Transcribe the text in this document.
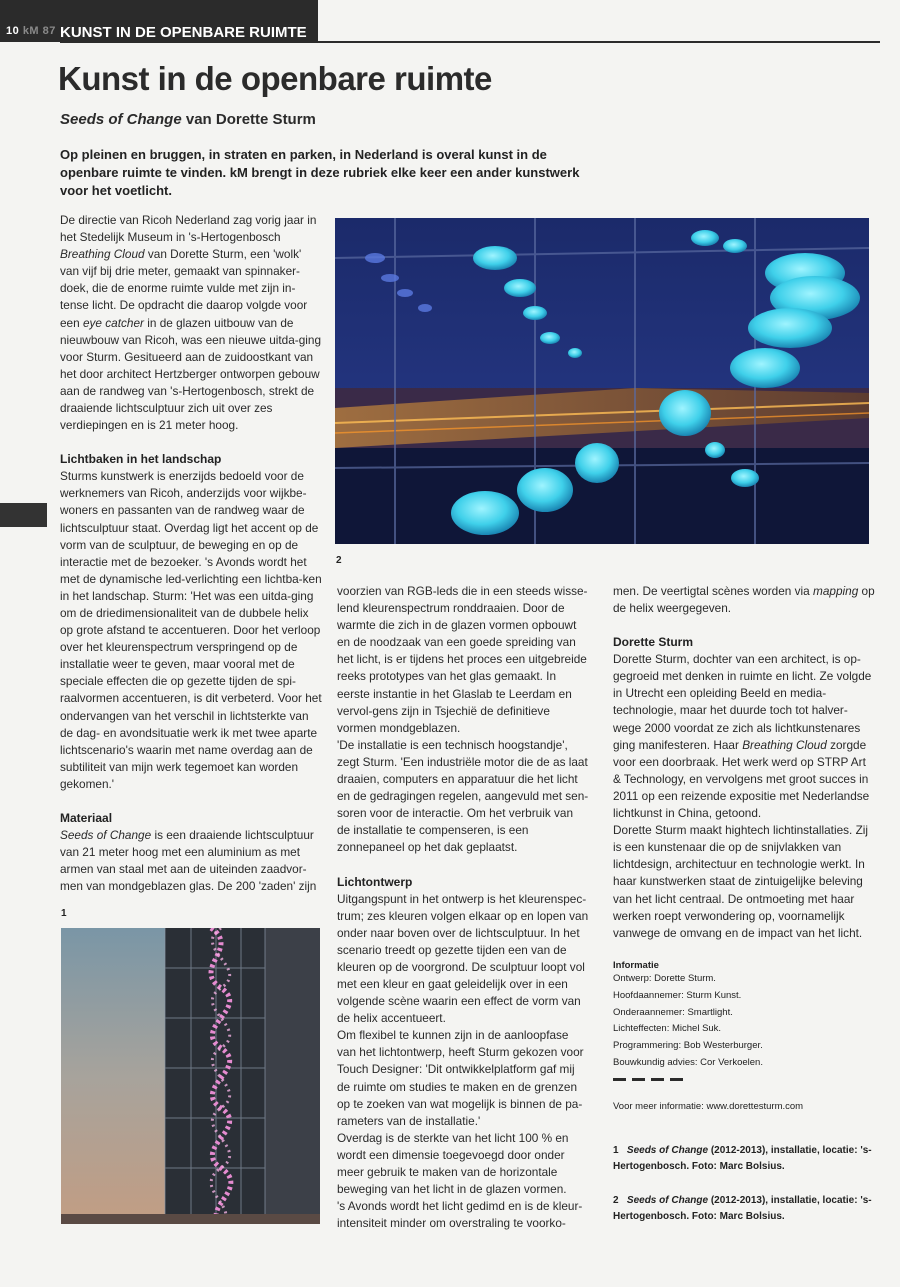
10 kM 87 KUNST IN DE OPENBARE RUIMTE
Kunst in de openbare ruimte
Seeds of Change van Dorette Sturm
Op pleinen en bruggen, in straten en parken, in Nederland is overal kunst in de openbare ruimte te vinden. kM brengt in deze rubriek elke keer een ander kunstwerk voor het voetlicht.

De directie van Ricoh Nederland zag vorig jaar in het Stedelijk Museum in 's-Hertogenbosch Breathing Cloud van Dorette Sturm, een 'wolk' van vijf bij drie meter, gemaakt van spinnaker-doek, die de enorme ruimte vulde met zijn in-tense licht. De opdracht die daarop volgde voor een eye catcher in de glazen uitbouw van de nieuwbouw van Ricoh, was een nieuwe uitda-ging voor Sturm. Gesitueerd aan de zuidoostkant van het door architect Hertzberger ontworpen gebouw aan de randweg van 's-Hertogenbosch, strekt de draaiende lichtsculptuur zich uit over zes verdiepingen en is 21 meter hoog.

Lichtbaken in het landschap

Sturms kunstwerk is enerzijds bedoeld voor de werknemers van Ricoh, anderzijds voor wijkbe-woners en passanten van de randweg waar de lichtsculptuur staat. Overdag ligt het accent op de vorm van de sculptuur, de beweging en op de interactie met de bezoeker. 's Avonds wordt het met de dynamische led-verlichting een lichtba-ken in het landschap. Sturm: 'Het was een uitda-ging om de driedimensionaliteit van de dubbele helix op grote afstand te accentueren. Door het verloop over het kleurenspectrum verspringend op de installatie weer te geven, maar vooral met de speciale effecten die op gezette tijden de spi-raalvormen accentueren, is dit verbeterd. Voor het ondervangen van het verschil in lichtsterkte van de dag- en avondsituatie werk ik met twee aparte lichtscenario's waarin met name overdag aan de subtiliteit van mijn werk tegemoet kan worden gekomen.'

Materiaal

Seeds of Change is een draaiende lichtsculptuur van 21 meter hoog met een aluminium as met armen van staal met aan de uiteinden zaadvor-men van mondgeblazen glas. De 200 'zaden' zijn

2
1

voorzien van RGB-leds die in een steeds wisse-lend kleurenspectrum ronddraaien. Door de warmte die zich in de glazen vormen opbouwt en de noodzaak van een goede spreiding van het licht, is er tijdens het proces een uitgebreide reeks prototypes van het glas gemaakt. In eerste instantie in het Glaslab te Leerdam en vervol-gens zijn in Tsjechië de definitieve vormen mondgeblazen.

'De installatie is een technisch hoogstandje', zegt Sturm. 'Een industriële motor die de as laat draaien, computers en apparatuur die het licht en de gedragingen regelen, aangevuld met sen-soren voor de interactie. Om het verbruik van de installatie te compenseren, is een zonnepaneel op het dak geplaatst.

Lichtontwerp

Uitgangspunt in het ontwerp is het kleurenspec-trum; zes kleuren volgen elkaar op en lopen van onder naar boven over de lichtsculptuur. In het scenario treedt op gezette tijden een van de kleuren op de voorgrond. De sculptuur loopt vol met een kleur en gaat geleidelijk over in een volgende scène waarin een effect de vorm van de helix accentueert.

Om flexibel te kunnen zijn in de aanloopfase van het lichtontwerp, heeft Sturm gekozen voor Touch Designer: 'Dit ontwikkelplatform gaf mij de ruimte om studies te maken en de grenzen op te zoeken van wat mogelijk is binnen de pa-rameters van de installatie.'

Overdag is de sterkte van het licht 100 % en wordt een dimensie toegevoegd door onder meer gebruik te maken van de horizontale beweging van het licht in de glazen vormen.

's Avonds wordt het licht gedimd en is de kleur-intensiteit minder om overstraling te voorko-

men. De veertigtal scènes worden via mapping op de helix weergegeven.

Dorette Sturm

Dorette Sturm, dochter van een architect, is op-gegroeid met denken in ruimte en licht. Ze volgde in Utrecht een opleiding Beeld en media-technologie, maar het duurde toch tot halver-wege 2000 voordat ze zich als lichtkunstenares ging manifesteren. Haar Breathing Cloud zorgde voor een doorbraak. Het werk werd op STRP Art & Technology, en vervolgens met groot succes in 2011 op een reizende expositie met Nederlandse lichtkunst in China, getoond.

Dorette Sturm maakt hightech lichtinstallaties. Zij is een kunstenaar die op de snijvlakken van lichtdesign, architectuur en technologie werkt. In haar kunstwerken staat de zintuigelijke beleving van het licht centraal. De ontmoeting met haar werken roept verwondering op, voornamelijk vanwege de omvang en de impact van het licht.

Informatie
Ontwerp: Dorette Sturm.
Hoofdaannemer: Sturm Kunst.
Onderaannemer: Smartlight.
Lichteffecten: Michel Suk.
Programmering: Bob Westerburger.
Bouwkundig advies: Cor Verkoelen.
Voor meer informatie: www.dorettesturm.com
1 Seeds of Change (2012-2013), installatie, locatie: 's-Hertogenbosch. Foto: Marc Bolsius.
2 Seeds of Change (2012-2013), installatie, locatie: 's-Hertogenbosch. Foto: Marc Bolsius.
